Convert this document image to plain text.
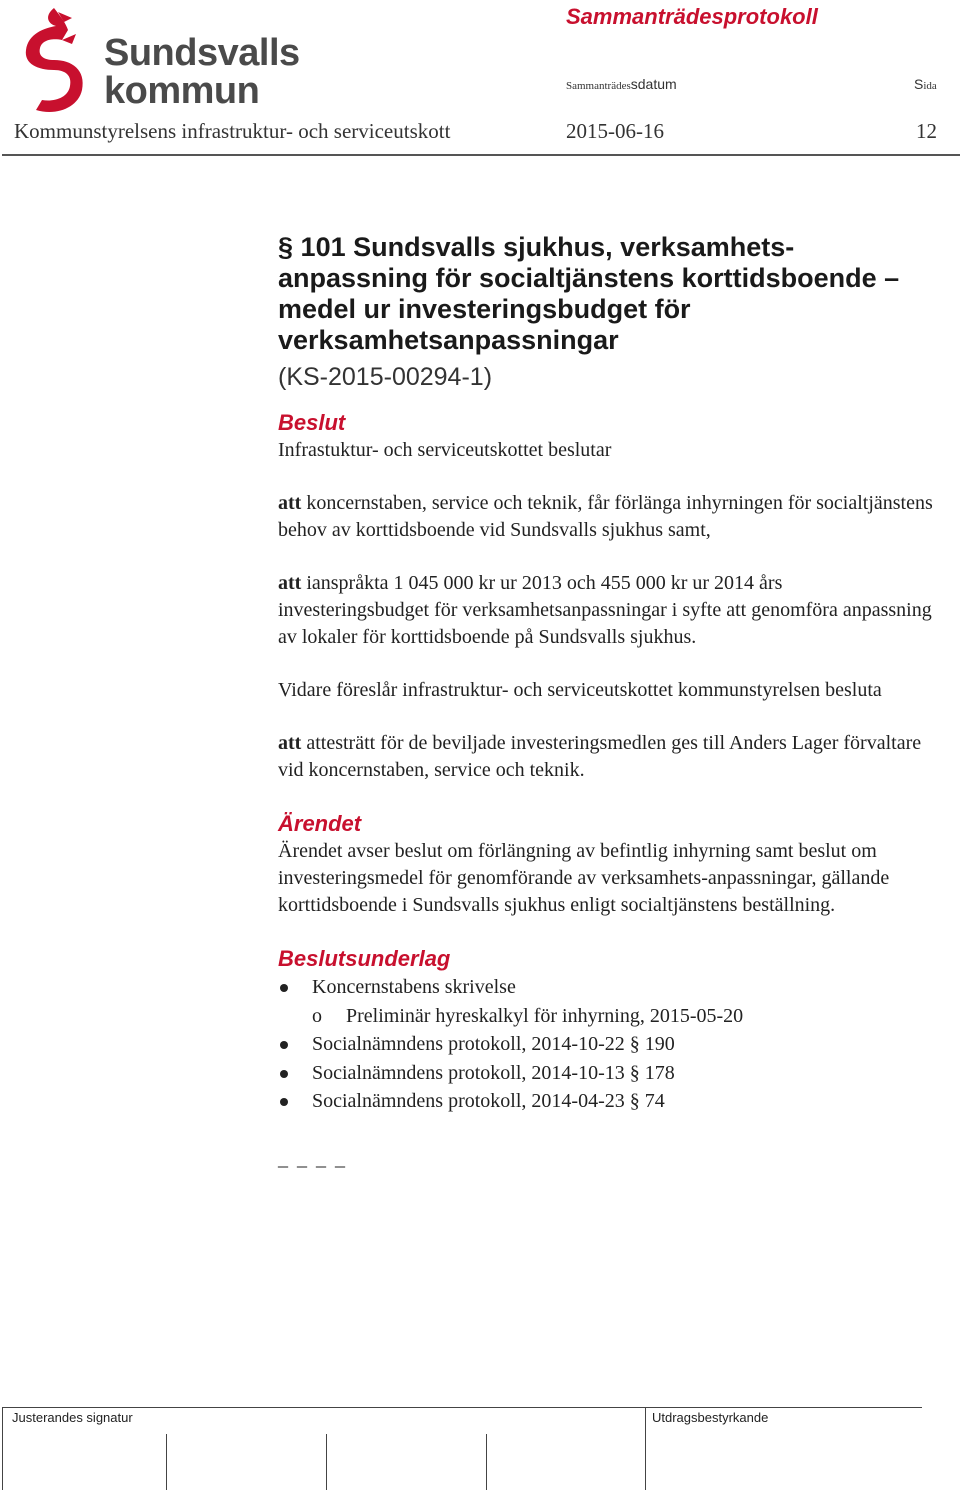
Sundsvalls
kommun
Sammanträdesprotokoll
Sammanträdessdatum	Sida
Kommunstyrelsens infrastruktur- och serviceutskott	2015-06-16	12
§ 101 Sundsvalls sjukhus, verksamhets-anpassning för socialtjänstens korttidsboende – medel ur investeringsbudget för verksamhetsanpassningar
(KS-2015-00294-1)
Beslut

Infrastuktur- och serviceutskottet beslutar

att koncernstaben, service och teknik, får förlänga inhyrningen för socialtjänstens behov av korttidsboende vid Sundsvalls sjukhus samt,

att ianspråkta 1 045 000 kr ur 2013 och 455 000 kr ur 2014 års investeringsbudget för verksamhetsanpassningar i syfte att genomföra anpassning av lokaler för korttidsboende på Sundsvalls sjukhus.

Vidare föreslår infrastruktur- och serviceutskottet kommunstyrelsen besluta

att attesträtt för de beviljade investeringsmedlen ges till Anders Lager förvaltare vid koncernstaben, service och teknik.

Ärendet

Ärendet avser beslut om förlängning av befintlig inhyrning samt beslut om investeringsmedel för genomförande av verksamhets-anpassningar, gällande korttidsboende i Sundsvalls sjukhus enligt socialtjänstens beställning.

Beslutsunderlag
Koncernstabens skrivelse
o Preliminär hyreskalkyl för inhyrning, 2015-05-20
Socialnämndens protokoll, 2014-10-22 § 190
Socialnämndens protokoll, 2014-10-13 § 178
Socialnämndens protokoll, 2014-04-23 § 74
_ _ _ _
Justerandes signatur	Utdragsbestyrkande
